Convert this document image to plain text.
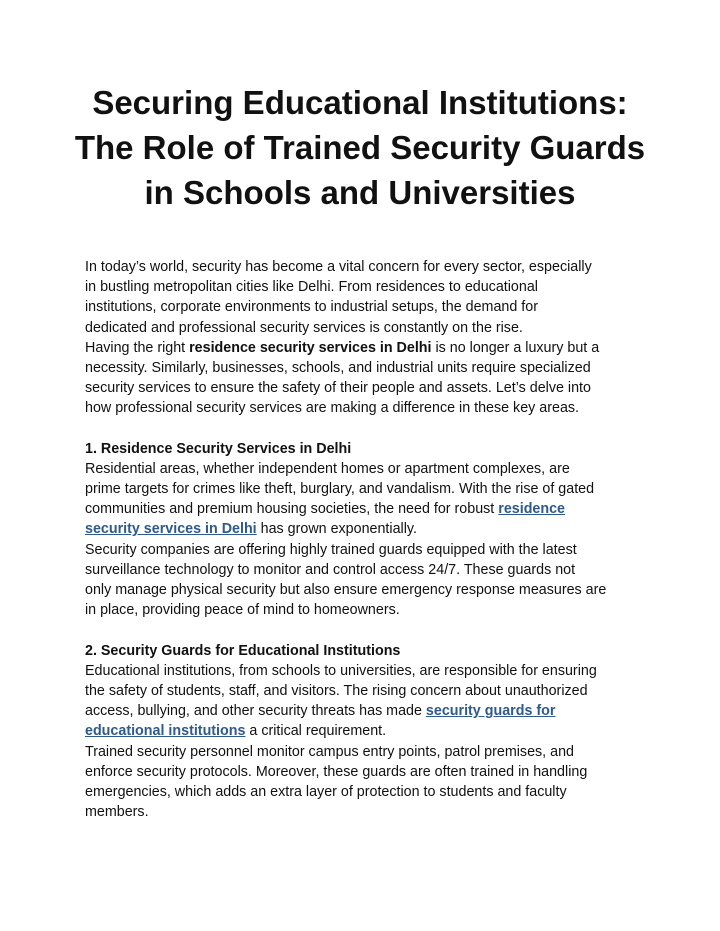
Securing Educational Institutions:
The Role of Trained Security Guards
in Schools and Universities
In today’s world, security has become a vital concern for every sector, especially
in bustling metropolitan cities like Delhi. From residences to educational
institutions, corporate environments to industrial setups, the demand for
dedicated and professional security services is constantly on the rise.
Having the right residence security services in Delhi is no longer a luxury but a
necessity. Similarly, businesses, schools, and industrial units require specialized
security services to ensure the safety of their people and assets. Let’s delve into
how professional security services are making a difference in these key areas.
1. Residence Security Services in Delhi
Residential areas, whether independent homes or apartment complexes, are
prime targets for crimes like theft, burglary, and vandalism. With the rise of gated
communities and premium housing societies, the need for robust residence
security services in Delhi has grown exponentially.
Security companies are offering highly trained guards equipped with the latest
surveillance technology to monitor and control access 24/7. These guards not
only manage physical security but also ensure emergency response measures are
in place, providing peace of mind to homeowners.
2. Security Guards for Educational Institutions
Educational institutions, from schools to universities, are responsible for ensuring
the safety of students, staff, and visitors. The rising concern about unauthorized
access, bullying, and other security threats has made security guards for
educational institutions a critical requirement.
Trained security personnel monitor campus entry points, patrol premises, and
enforce security protocols. Moreover, these guards are often trained in handling
emergencies, which adds an extra layer of protection to students and faculty
members.
